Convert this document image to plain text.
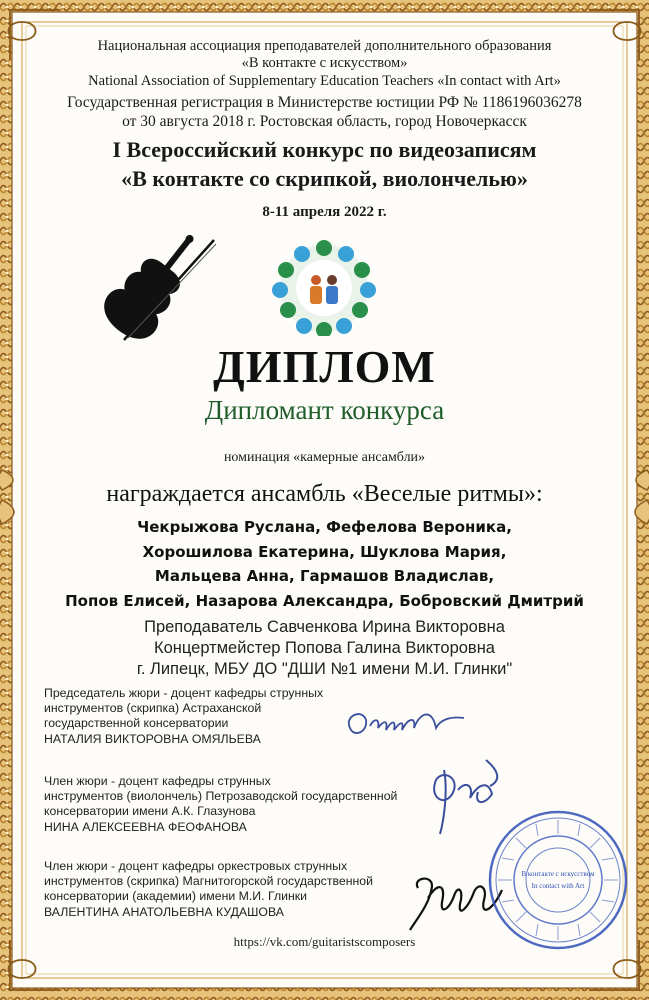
Национальная ассоциация преподавателей дополнительного образования
«В контакте с искусством»
National Association of Supplementary Education Teachers «In contact with Art»
Государственная регистрация в Министерстве юстиции РФ № 1186196036278
от 30 августа 2018 г. Ростовская область, город Новочеркасск
I Всероссийский конкурс по видеозаписям
«В контакте со скрипкой, виолончелью»
8-11 апреля 2022 г.
ДИПЛОМ
Дипломант конкурса
номинация «камерные ансамбли»
награждается ансамбль «Веселые ритмы»:
Чекрыжова Руслана, Фефелова Вероника,
Хорошилова Екатерина, Шуклова Мария,
Мальцева Анна, Гармашов Владислав,
Попов Елисей, Назарова Александра, Бобровский Дмитрий
Преподаватель Савченкова Ирина Викторовна
Концертмейстер Попова Галина Викторовна
г. Липецк, МБУ ДО "ДШИ №1 имени М.И. Глинки"
Председатель жюри - доцент кафедры струнных
инструментов (скрипка) Астраханской
государственной консерватории
НАТАЛИЯ ВИКТОРОВНА ОМЯЛЬЕВА
Член жюри - доцент кафедры струнных
инструментов (виолончель) Петрозаводской государственной
консерватории имени А.К. Глазунова
НИНА АЛЕКСЕЕВНА ФЕОФАНОВА
Член жюри - доцент кафедры оркестровых струнных
инструментов (скрипка) Магнитогорской государственной
консерватории (академии) имени М.И. Глинки
ВАЛЕНТИНА АНАТОЛЬЕВНА КУДАШОВА
В контакте с искусством
In contact with Art
https://vk.com/guitaristscomposers
